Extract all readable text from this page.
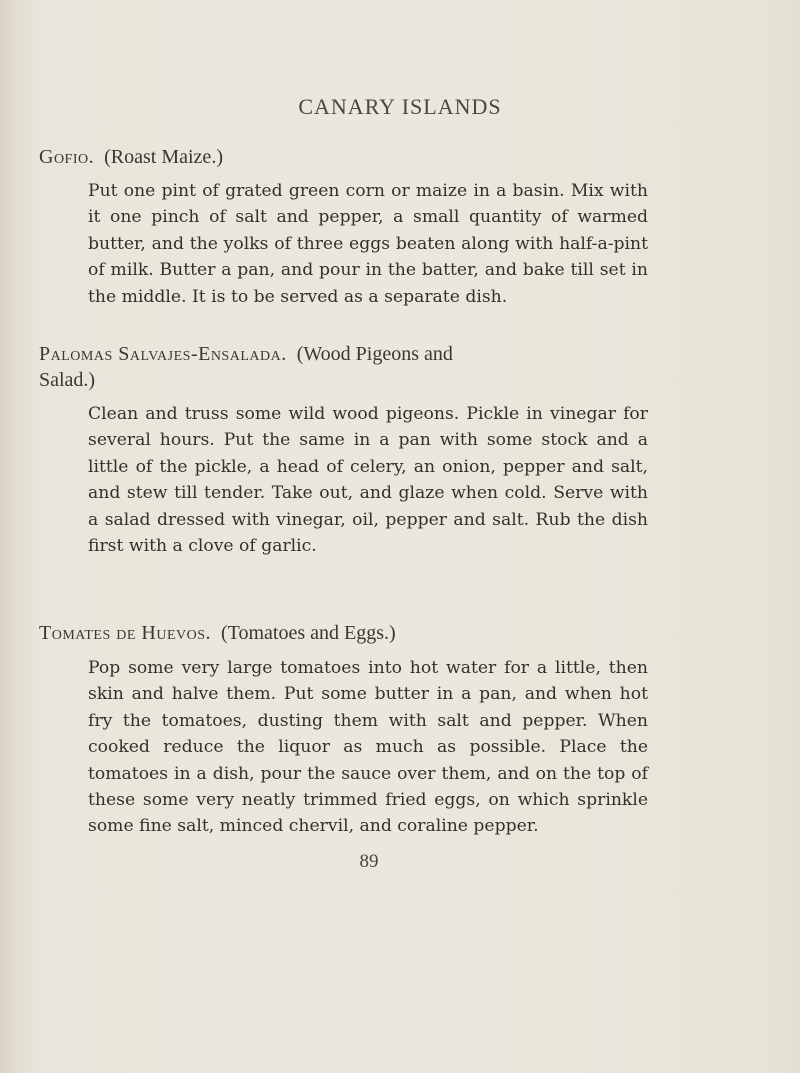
CANARY ISLANDS
Gofio. (Roast Maize.)
Put one pint of grated green corn or maize in a basin. Mix with it one pinch of salt and pepper, a small quantity of warmed butter, and the yolks of three eggs beaten along with half-a-pint of milk. Butter a pan, and pour in the batter, and bake till set in the middle. It is to be served as a separate dish.
Palomas Salvajes-Ensalada. (Wood Pigeons and
Salad.)
Clean and truss some wild wood pigeons. Pickle in vinegar for several hours. Put the same in a pan with some stock and a little of the pickle, a head of celery, an onion, pepper and salt, and stew till tender. Take out, and glaze when cold. Serve with a salad dressed with vinegar, oil, pepper and salt. Rub the dish first with a clove of garlic.
Tomates de Huevos. (Tomatoes and Eggs.)
Pop some very large tomatoes into hot water for a little, then skin and halve them. Put some butter in a pan, and when hot fry the tomatoes, dusting them with salt and pepper. When cooked reduce the liquor as much as possible. Place the tomatoes in a dish, pour the sauce over them, and on the top of these some very neatly trimmed fried eggs, on which sprinkle some fine salt, minced chervil, and coraline pepper.
89
